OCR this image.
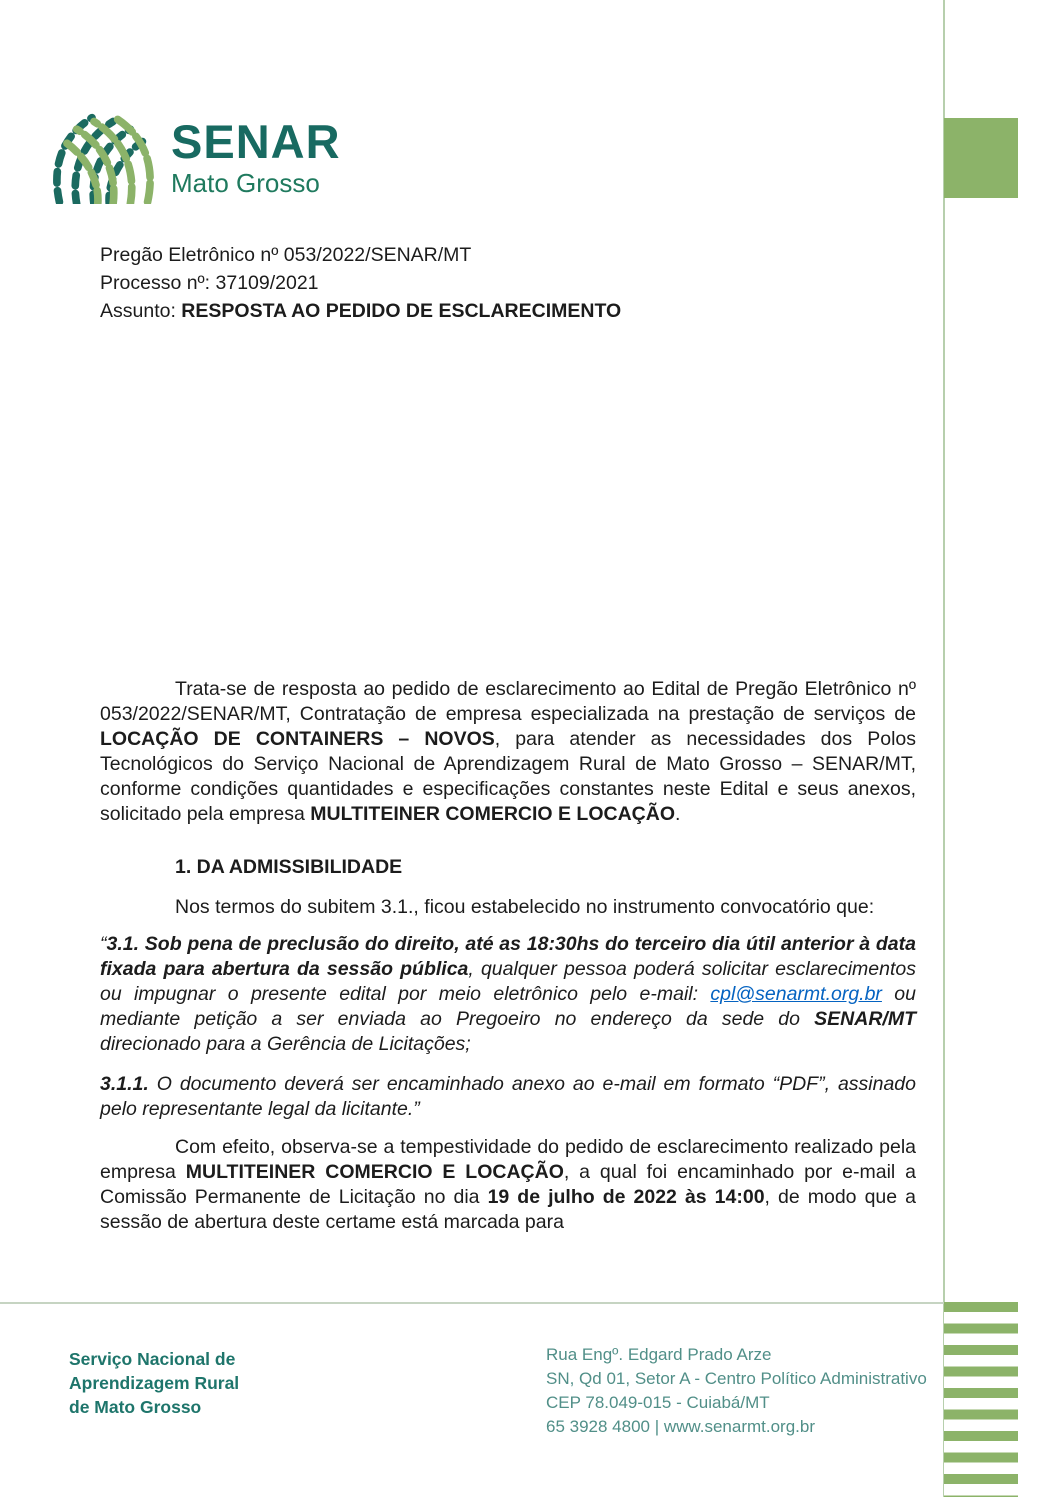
SENAR
Mato Grosso
Pregão Eletrônico nº 053/2022/SENAR/MT
Processo nº: 37109/2021
Assunto: RESPOSTA AO PEDIDO DE ESCLARECIMENTO

Trata-se de resposta ao pedido de esclarecimento ao Edital de Pregão Eletrônico nº 053/2022/SENAR/MT, Contratação de empresa especializada na prestação de serviços de LOCAÇÃO DE CONTAINERS – NOVOS, para atender as necessidades dos Polos Tecnológicos do Serviço Nacional de Aprendizagem Rural de Mato Grosso – SENAR/MT, conforme condições quantidades e especificações constantes neste Edital e seus anexos, solicitado pela empresa MULTITEINER COMERCIO E LOCAÇÃO.

1. DA ADMISSIBILIDADE

Nos termos do subitem 3.1., ficou estabelecido no instrumento convocatório que:

“3.1. Sob pena de preclusão do direito, até as 18:30hs do terceiro dia útil anterior à data fixada para abertura da sessão pública, qualquer pessoa poderá solicitar esclarecimentos ou impugnar o presente edital por meio eletrônico pelo e-mail: cpl@senarmt.org.br ou mediante petição a ser enviada ao Pregoeiro no endereço da sede do SENAR/MT direcionado para a Gerência de Licitações;

3.1.1. O documento deverá ser encaminhado anexo ao e-mail em formato “PDF”, assinado pelo representante legal da licitante.”

Com efeito, observa-se a tempestividade do pedido de esclarecimento realizado pela empresa MULTITEINER COMERCIO E LOCAÇÃO, a qual foi encaminhado por e-mail a Comissão Permanente de Licitação no dia 19 de julho de 2022 às 14:00, de modo que a sessão de abertura deste certame está marcada para

Serviço Nacional de
Aprendizagem Rural
de Mato Grosso
Rua Engº. Edgard Prado Arze
SN, Qd 01, Setor A - Centro Político Administrativo
CEP 78.049-015 - Cuiabá/MT
65 3928 4800 | www.senarmt.org.br
